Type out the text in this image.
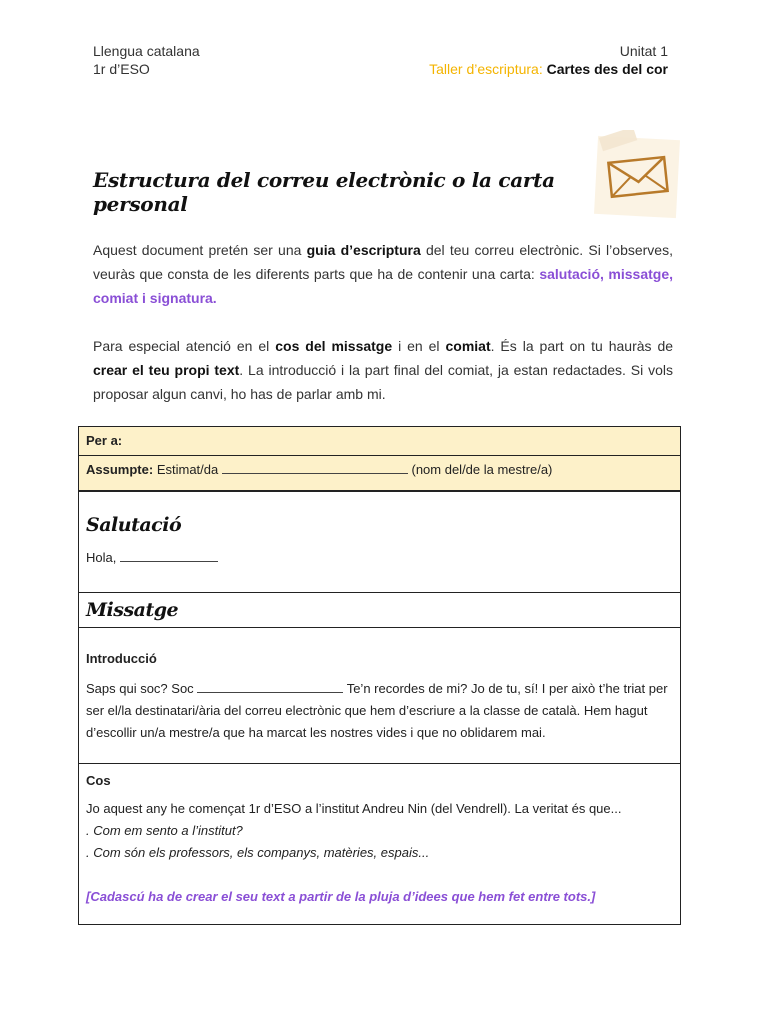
Llengua catalana
1r d’ESO
Unitat 1
Taller d’escriptura: Cartes des del cor
Estructura del correu electrònic o la carta personal
Aquest document pretén ser una guia d’escriptura del teu correu electrònic. Si l’observes, veuràs que consta de les diferents parts que ha de contenir una carta: salutació, missatge, comiat i signatura.
Para especial atenció en el cos del missatge i en el comiat. És la part on tu hauràs de crear el teu propi text. La introducció i la part final del comiat, ja estan redactades. Si vols proposar algun canvi, ho has de parlar amb mi.
Per a:
Assumpte: Estimat/da	(nom del/de la mestre/a)

Salutació
Hola,

Missatge

Introducció
Saps qui soc? Soc	Te’n recordes de mi? Jo de tu, sí! I per això t’he triat per ser el/la destinatari/ària del correu electrònic que hem d’escriure a la classe de català. Hem hagut d’escollir un/a mestre/a que ha marcat les nostres vides i que no oblidarem mai.

Cos
Jo aquest any he començat 1r d’ESO a l’institut Andreu Nin (del Vendrell). La veritat és que...
. Com em sento a l’institut?
. Com són els professors, els companys, matèries, espais...
[Cadascú ha de crear el seu text a partir de la pluja d’idees que hem fet entre tots.]
